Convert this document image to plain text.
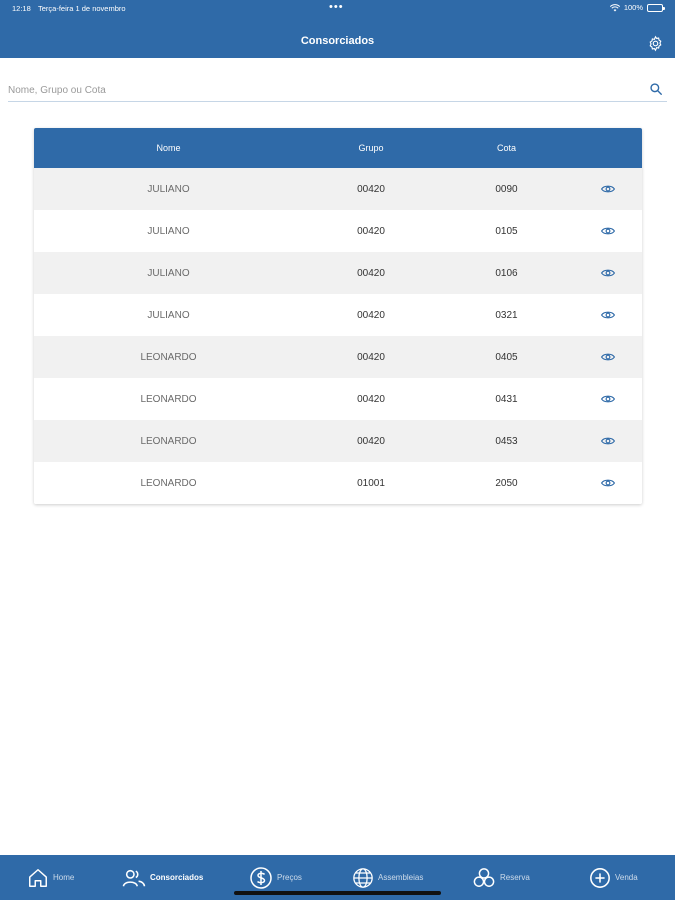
12:18 Terça-feira 1 de novembro	•••	100%
Consorciados
Nome, Grupo ou Cota
Nome	Grupo	Cota
JULIANO	00420	0090
JULIANO	00420	0105
JULIANO	00420	0106
JULIANO	00420	0321
LEONARDO	00420	0405
LEONARDO	00420	0431
LEONARDO	00420	0453
LEONARDO	01001	2050
Home	Consorciados	Preços	Assembleias	Reserva	Venda
